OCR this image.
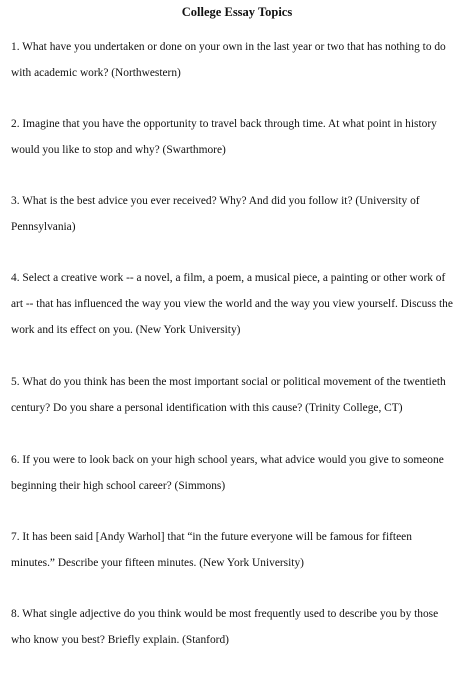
College Essay Topics
1. What have you undertaken or done on your own in the last year or two that has nothing to do
with academic work? (Northwestern)
2. Imagine that you have the opportunity to travel back through time. At what point in history
would you like to stop and why? (Swarthmore)
3. What is the best advice you ever received? Why? And did you follow it? (University of
Pennsylvania)
4. Select a creative work -- a novel, a film, a poem, a musical piece, a painting or other work of
art -- that has influenced the way you view the world and the way you view yourself. Discuss the
work and its effect on you. (New York University)
5. What do you think has been the most important social or political movement of the twentieth
century? Do you share a personal identification with this cause? (Trinity College, CT)
6. If you were to look back on your high school years, what advice would you give to someone
beginning their high school career? (Simmons)
7. It has been said [Andy Warhol] that “in the future everyone will be famous for fifteen
minutes.” Describe your fifteen minutes. (New York University)
8. What single adjective do you think would be most frequently used to describe you by those
who know you best? Briefly explain. (Stanford)
